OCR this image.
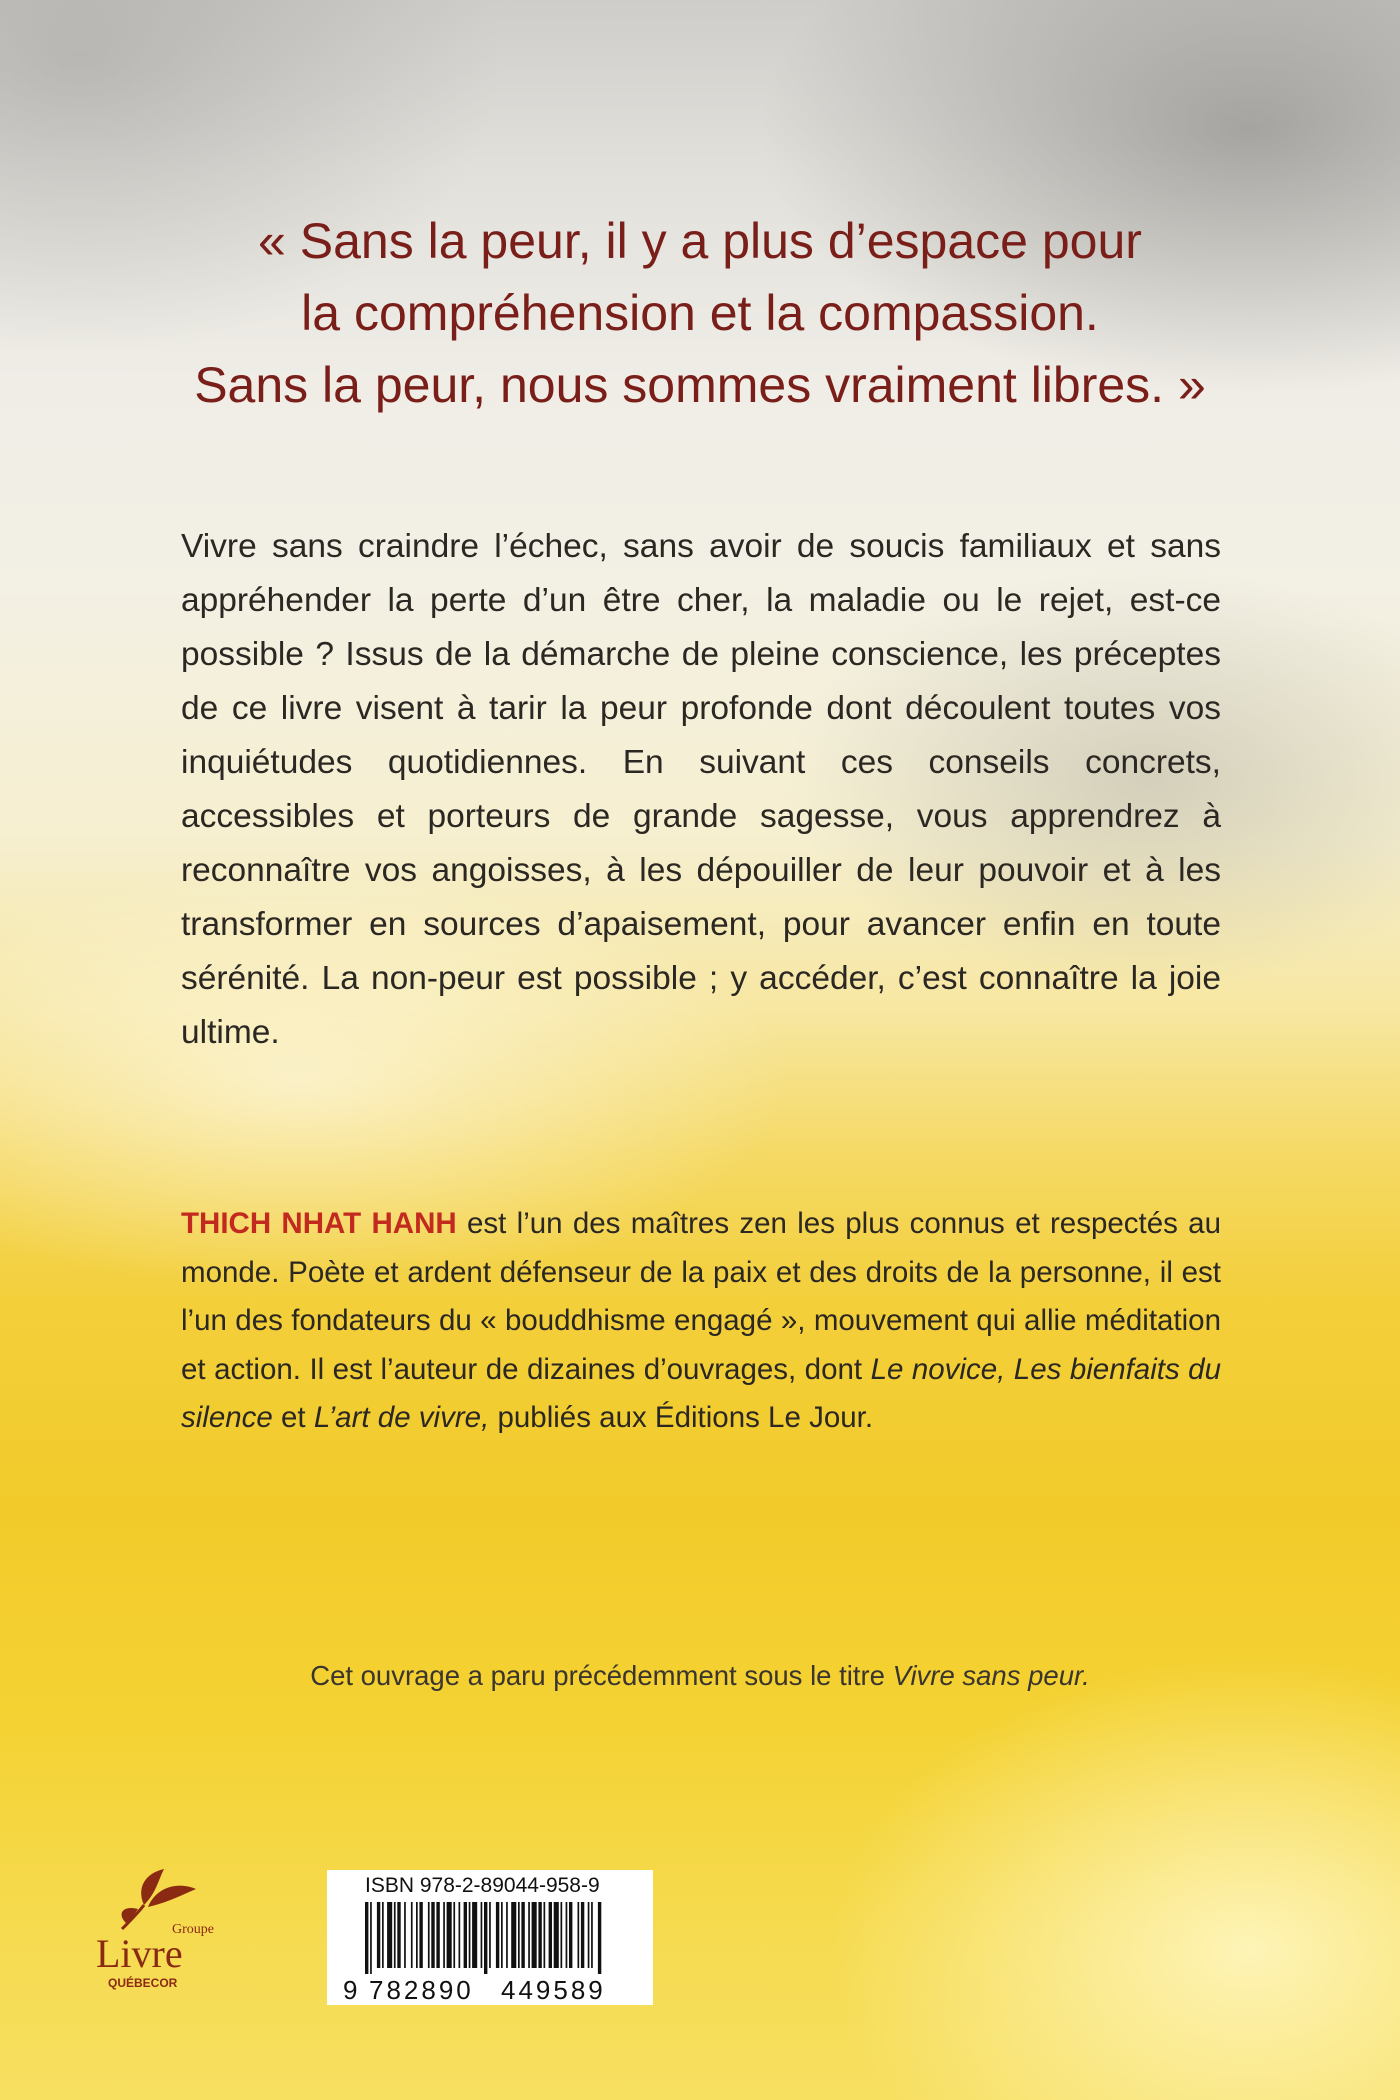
« Sans la peur, il y a plus d’espace pour
la compréhension et la compassion.
Sans la peur, nous sommes vraiment libres. »
Vivre sans craindre l’échec, sans avoir de soucis familiaux et sans appréhender la perte d’un être cher, la maladie ou le rejet, est-ce possible ? Issus de la démarche de pleine conscience, les préceptes de ce livre visent à tarir la peur profonde dont découlent toutes vos inquiétudes quotidiennes. En suivant ces conseils concrets, accessibles et porteurs de grande sagesse, vous apprendrez à reconnaître vos angoisses, à les dépouiller de leur pouvoir et à les transformer en sources d’apaisement, pour avancer enfin en toute sérénité. La non-peur est possible ; y accéder, c’est connaître la joie ultime.
THICH NHAT HANH est l’un des maîtres zen les plus connus et respectés au monde. Poète et ardent défenseur de la paix et des droits de la personne, il est l’un des fondateurs du « bouddhisme engagé », mouvement qui allie méditation et action. Il est l’auteur de dizaines d’ouvrages, dont Le novice, Les bienfaits du silence et L’art de vivre, publiés aux Éditions Le Jour.
Cet ouvrage a paru précédemment sous le titre Vivre sans peur.
Groupe
Livre
QUÉBECOR
ISBN 978-2-89044-958-9
9 782890 449589
